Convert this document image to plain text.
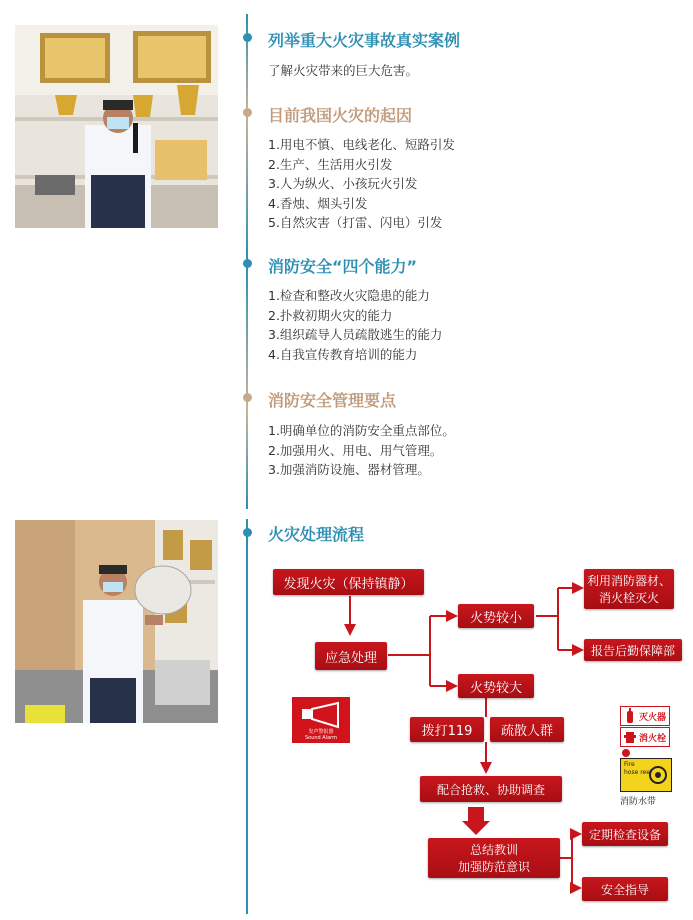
列举重大火灾事故真实案例
了解火灾带来的巨大危害。
目前我国火灾的起因
1.用电不慎、电线老化、短路引发
2.生产、生活用火引发
3.人为纵火、小孩玩火引发
4.香烛、烟头引发
5.自然灾害（打雷、闪电）引发
消防安全“四个能力”
1.检查和整改火灾隐患的能力
2.扑救初期火灾的能力
3.组织疏导人员疏散逃生的能力
4.自我宣传教育培训的能力
消防安全管理要点
1.明确单位的消防安全重点部位。
2.加强用火、用电、用气管理。
3.加强消防设施、器材管理。
火灾处理流程
发现火灾（保持镇静）
应急处理
火势较小
利用消防器材、
消火栓灭火
报告后勤保障部
火势较大
拨打119	疏散人群
配合抢救、协助调查
总结教训
加强防范意识
定期检查设备
安全指导
发声警报器
Sound Alarm
灭火器
消火栓
Fire
hose reel
消防水带
